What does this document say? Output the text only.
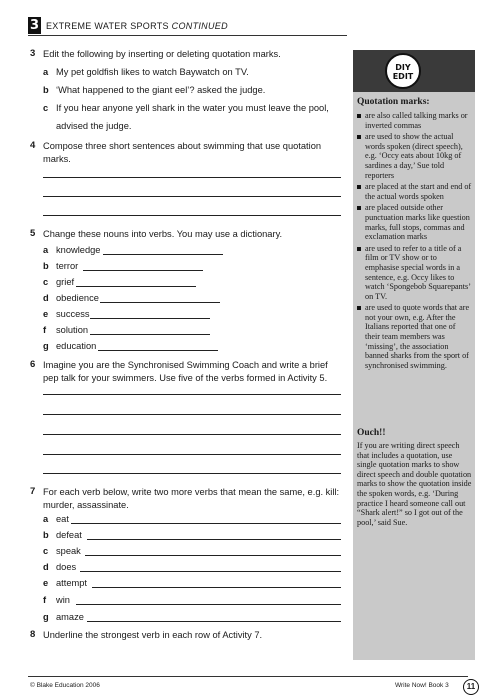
3 EXTREME WATER SPORTS CONTINUED
3 Edit the following by inserting or deleting quotation marks.
a My pet goldfish likes to watch Baywatch on TV.
b ‘What happened to the giant eel’? asked the judge.
c If you hear anyone yell shark in the water you must leave the pool,
advised the judge.
4 Compose three short sentences about swimming that use quotation
marks.
5 Change these nouns into verbs. You may use a dictionary.
a knowledge
b terror
c grief
d obedience
e success
f solution
g education
6 Imagine you are the Synchronised Swimming Coach and write a brief
pep talk for your swimmers. Use five of the verbs formed in Activity 5.
7 For each verb below, write two more verbs that mean the same, e.g. kill:
murder, assassinate.
a eat
b defeat
c speak
d does
e attempt
f win
g amaze
8 Underline the strongest verb in each row of Activity 7.
DIY
EDIT
Quotation marks:
are also called talking marks or inverted commas
are used to show the actual words spoken (direct speech), e.g. ‘Occy eats about 10kg of sardines a day,’ Sue told reporters
are placed at the start and end of the actual words spoken
are placed outside other punctuation marks like question marks, full stops, commas and exclamation marks
are used to refer to a title of a film or TV show or to emphasise special words in a sentence, e.g. Occy likes to watch ‘Spongebob Squarepants’ on TV.
are used to quote words that are not your own, e.g. After the Italians reported that one of their team members was ‘missing’, the association banned sharks from the sport of synchronised swimming.
Ouch!!
If you are writing direct speech that includes a quotation, use single quotation marks to show direct speech and double quotation marks to show the quotation inside the spoken words, e.g. ‘During practice I heard someone call out “Shark alert!” so I got out of the pool,’ said Sue.
© Blake Education 2006	Write Now! Book 3	11
